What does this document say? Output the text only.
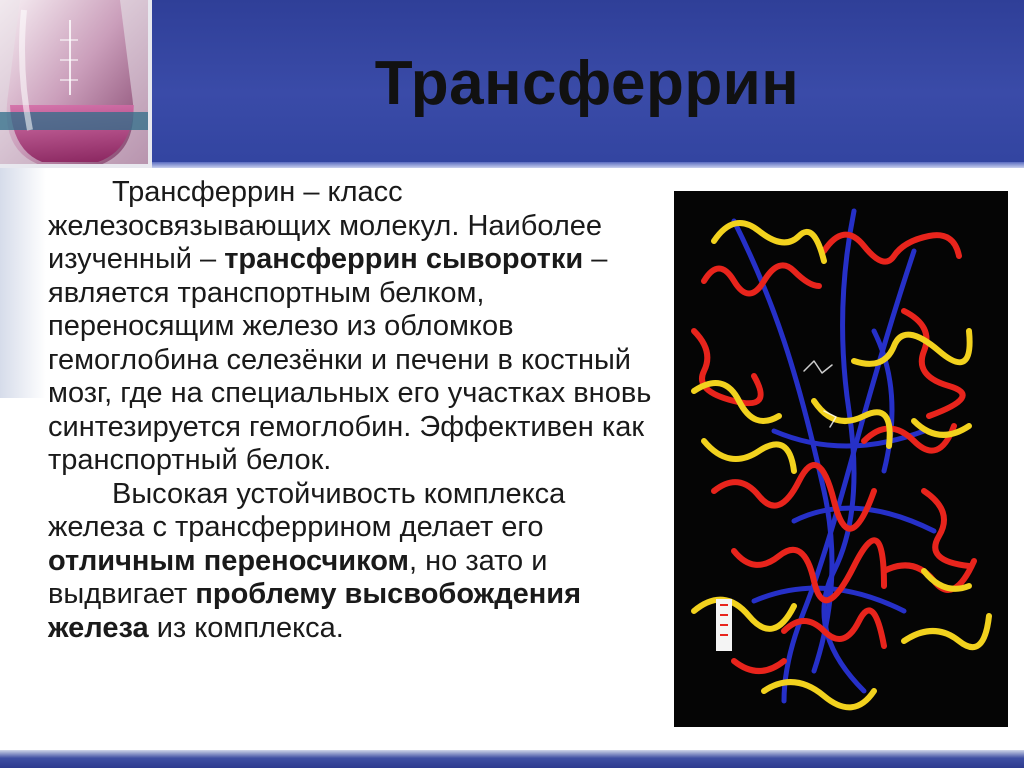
Трансферрин

Трансферрин – класс железосвязывающих молекул. Наиболее изученный – трансферрин сыворотки – является транспортным белком, переносящим железо из обломков гемоглобина селезёнки и печени в костный мозг, где на специальных его участках вновь синтезируется гемоглобин. Эффективен как транспортный белок.

Высокая устойчивость комплекса железа с трансферрином делает его отличным переносчиком, но зато и выдвигает проблему высвобождения железа из комплекса.
